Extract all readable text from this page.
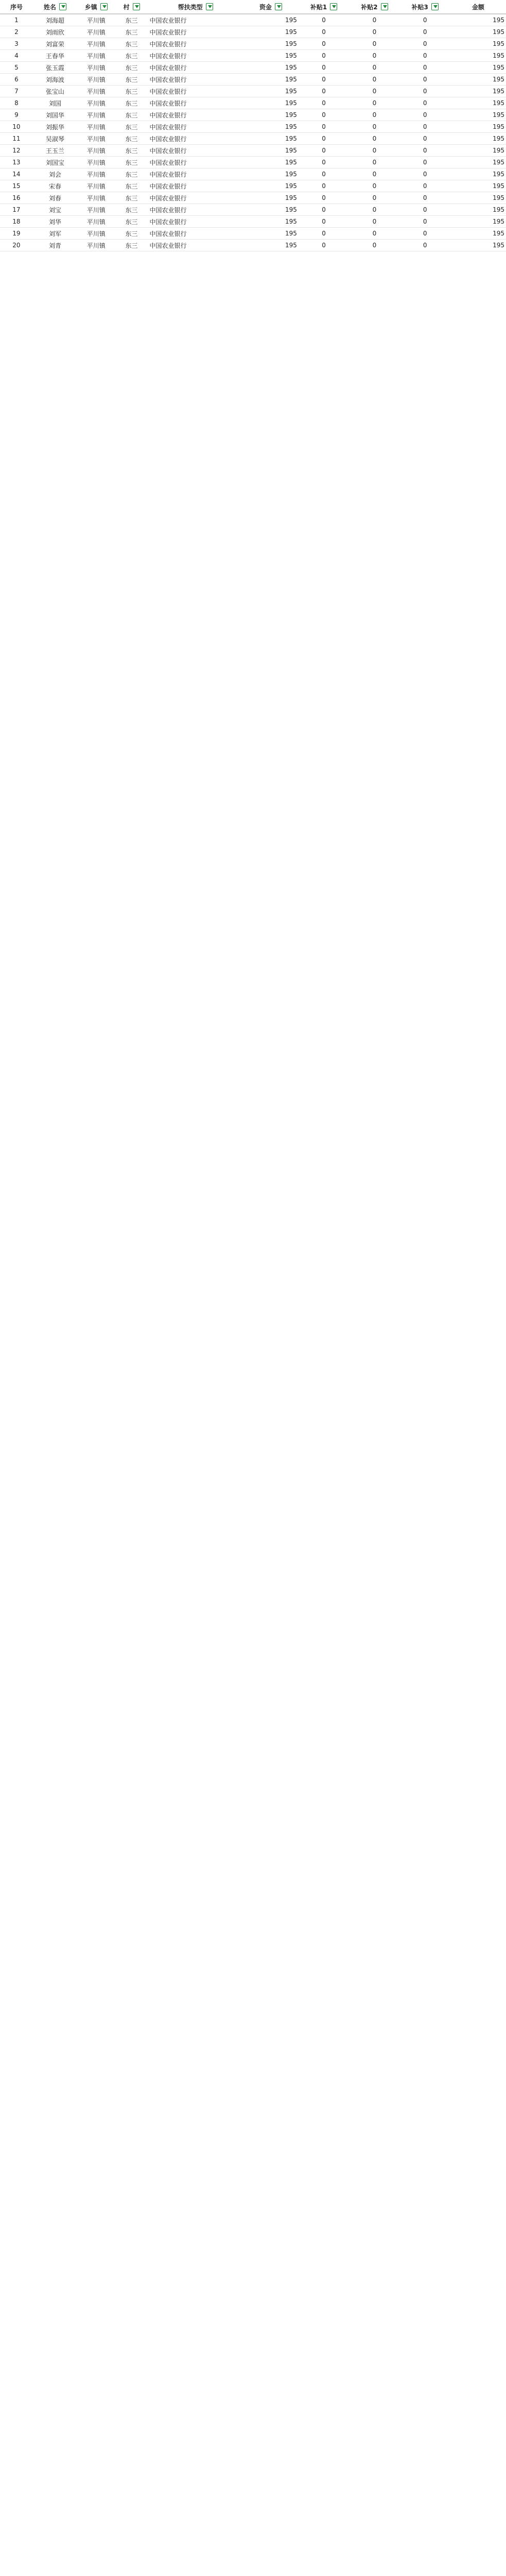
序号	姓名	乡镇	村	帮扶类型	资金	补贴1	补贴2	补贴3	金额

1	刘海超	平川镇	东三	中国农业银行	195	0	0	0	195
2	刘雨欣	平川镇	东三	中国农业银行	195	0	0	0	195
3	刘富荣	平川镇	东三	中国农业银行	195	0	0	0	195
4	王春华	平川镇	东三	中国农业银行	195	0	0	0	195
5	张玉霞	平川镇	东三	中国农业银行	195	0	0	0	195
6	刘海波	平川镇	东三	中国农业银行	195	0	0	0	195
7	张宝山	平川镇	东三	中国农业银行	195	0	0	0	195
8	刘国	平川镇	东三	中国农业银行	195	0	0	0	195
9	刘国华	平川镇	东三	中国农业银行	195	0	0	0	195
10	刘振华	平川镇	东三	中国农业银行	195	0	0	0	195
11	吴淑琴	平川镇	东三	中国农业银行	195	0	0	0	195
12	王玉兰	平川镇	东三	中国农业银行	195	0	0	0	195
13	刘国宝	平川镇	东三	中国农业银行	195	0	0	0	195
14	刘会	平川镇	东三	中国农业银行	195	0	0	0	195
15	宋春	平川镇	东三	中国农业银行	195	0	0	0	195
16	刘春	平川镇	东三	中国农业银行	195	0	0	0	195
17	刘宝	平川镇	东三	中国农业银行	195	0	0	0	195
18	刘华	平川镇	东三	中国农业银行	195	0	0	0	195
19	刘军	平川镇	东三	中国农业银行	195	0	0	0	195
20	刘青	平川镇	东三	中国农业银行	195	0	0	0	195
